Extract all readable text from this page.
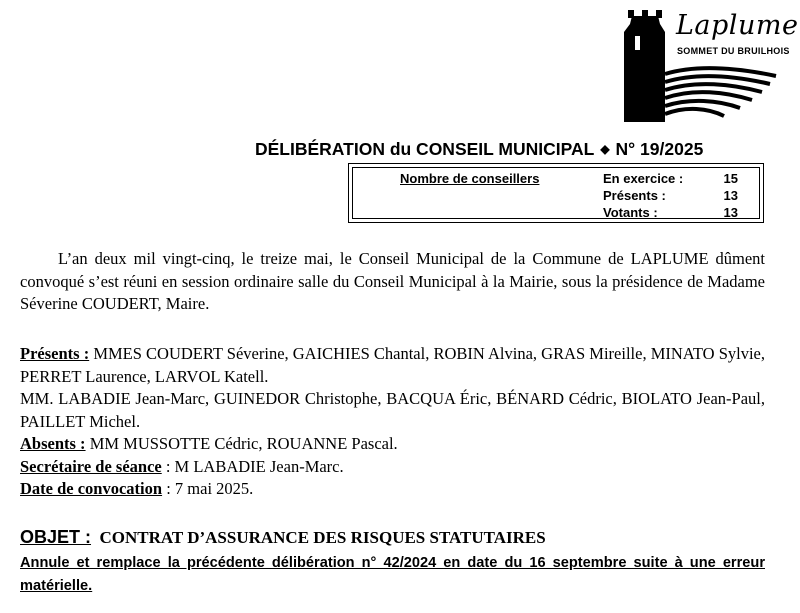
Laplume
SOMMET DU BRUILHOIS
DÉLIBÉRATION du CONSEIL MUNICIPAL ◆ N° 19/2025
Nombre de conseillers	En exercice :	15
Présents :	13
Votants :	13

L’an deux mil vingt-cinq, le treize mai, le Conseil Municipal de la Commune de LAPLUME dûment convoqué s’est réuni en session ordinaire salle du Conseil Municipal à la Mairie, sous la présidence de Madame Séverine COUDERT, Maire.

Présents : MMES COUDERT Séverine, GAICHIES Chantal, ROBIN Alvina, GRAS Mireille, MINATO Sylvie, PERRET Laurence, LARVOL Katell.

MM. LABADIE Jean-Marc, GUINEDOR Christophe, BACQUA Éric, BÉNARD Cédric, BIOLATO Jean-Paul, PAILLET Michel.

Absents : MM MUSSOTTE Cédric, ROUANNE Pascal.

Secrétaire de séance : M LABADIE Jean-Marc.

Date de convocation : 7 mai 2025.

OBJET : CONTRAT D’ASSURANCE DES RISQUES STATUTAIRES
Annule et remplace la précédente délibération n° 42/2024 en date du 16 septembre suite à une erreur matérielle.
